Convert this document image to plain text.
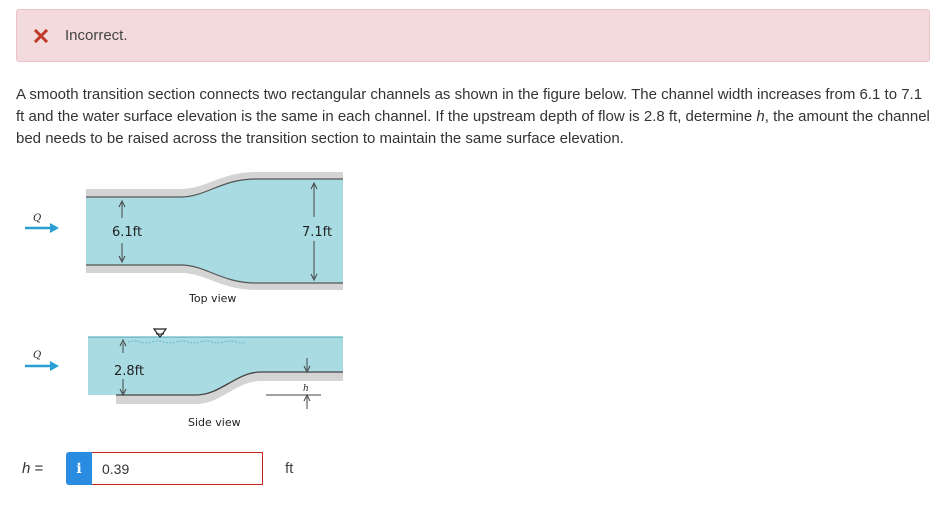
Incorrect.
A smooth transition section connects two rectangular channels as shown in the figure below. The channel width increases from 6.1 to 7.1 ft and the water surface elevation is the same in each channel. If the upstream depth of flow is 2.8 ft, determine h, the amount the channel bed needs to be raised across the transition section to maintain the same surface elevation.
6.1ft	7.1ft
Q
Top view
2.8ft
h
Q
Side view
h =	i	0.39	ft
